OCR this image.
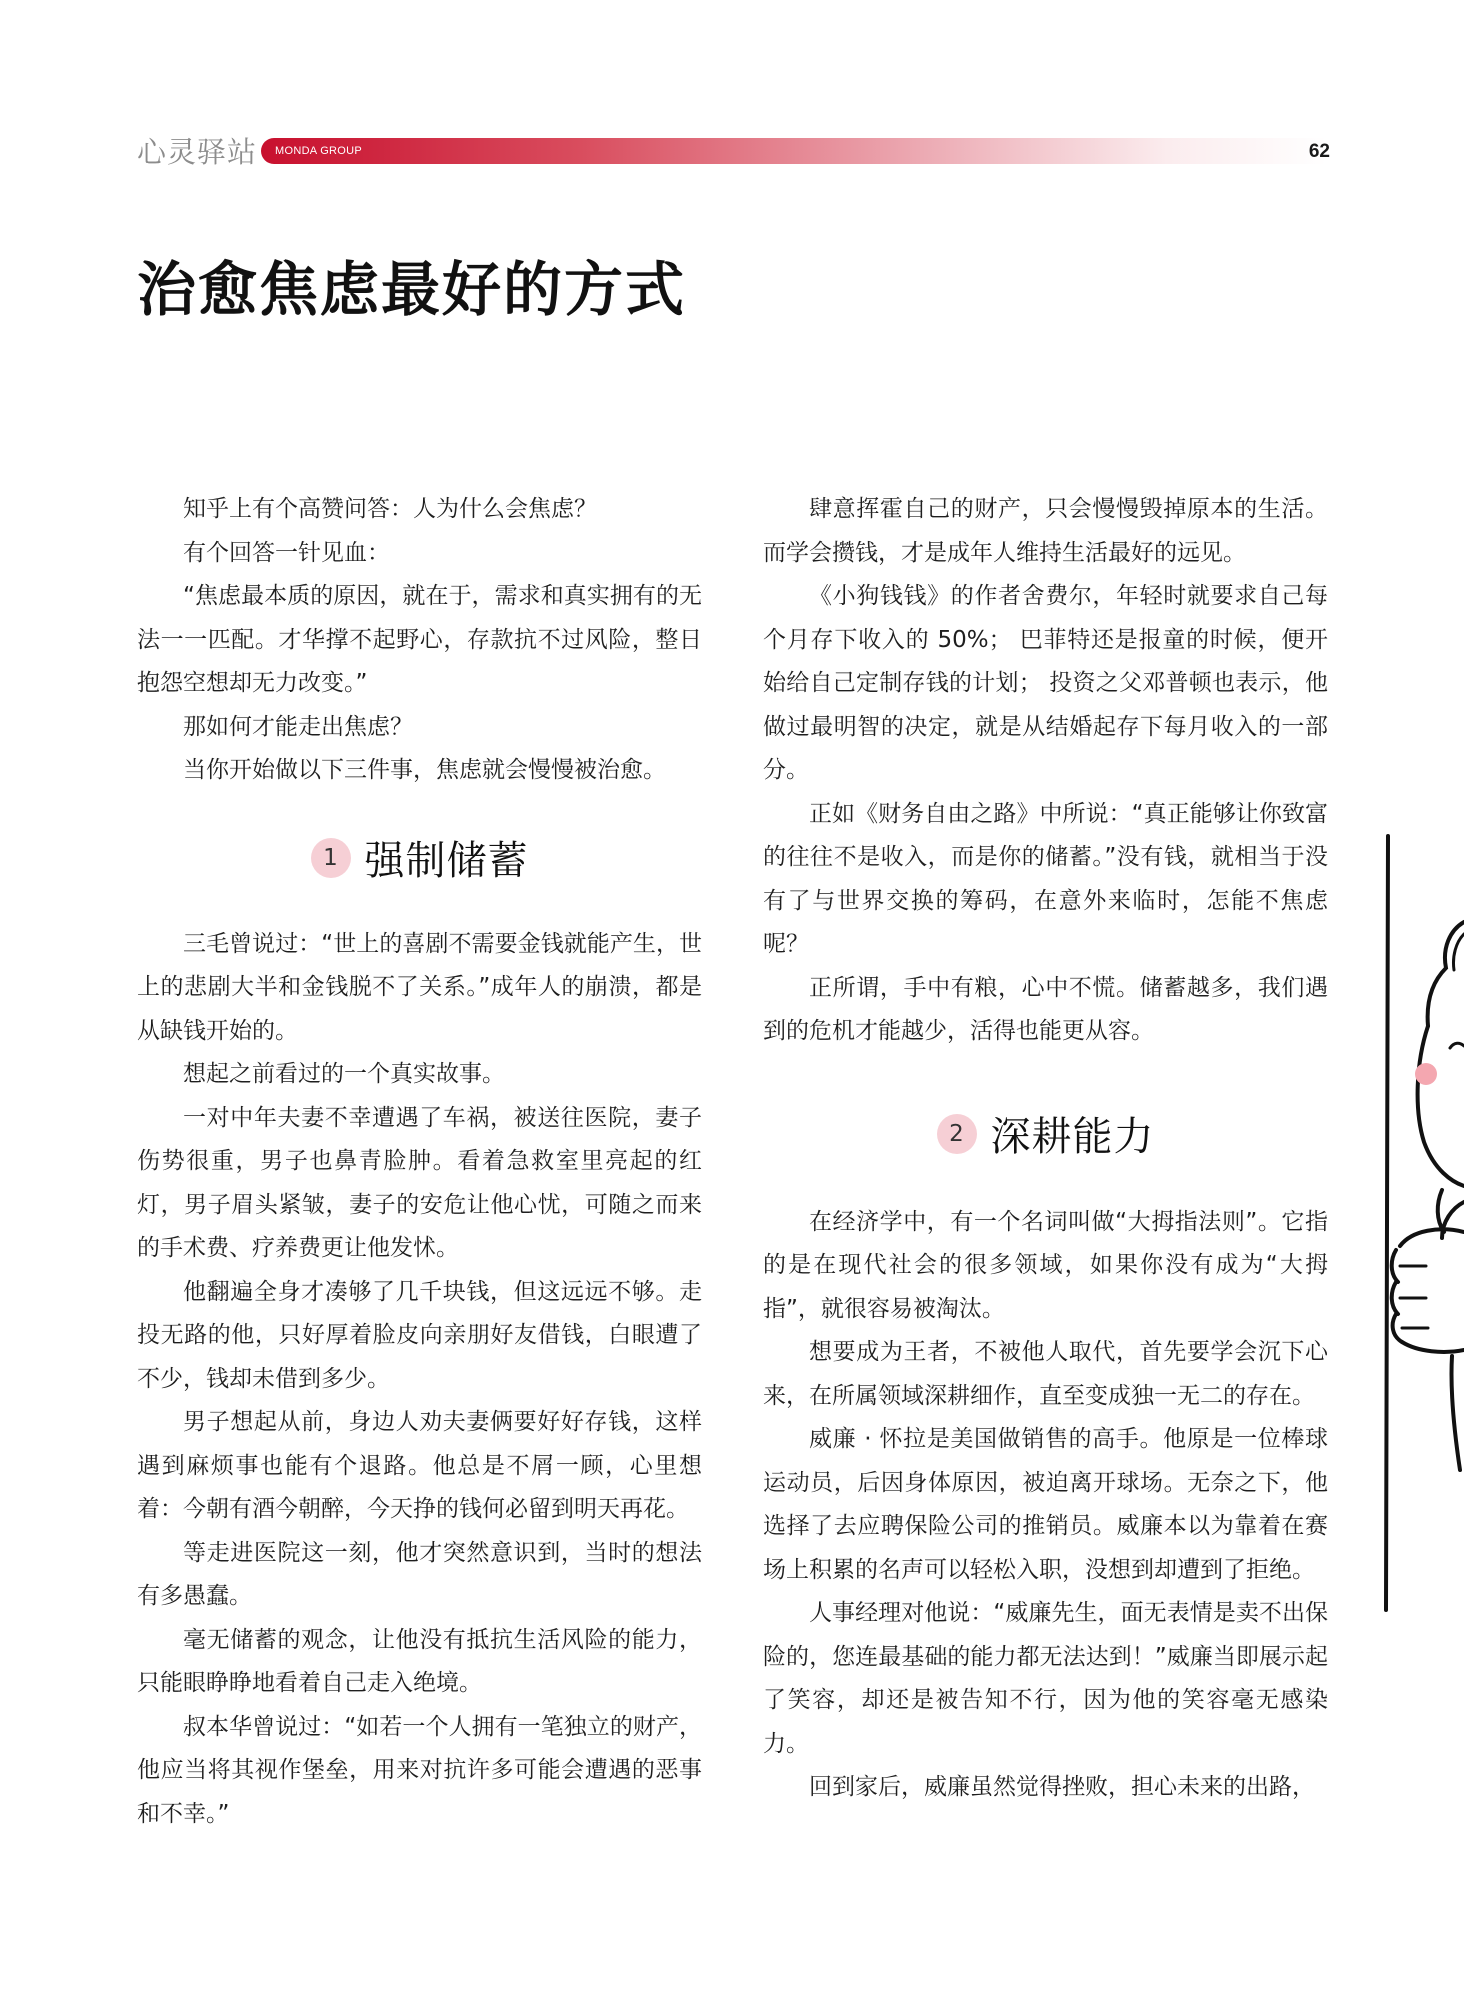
心灵驿站 MONDA GROUP	62
治愈焦虑最好的方式

知乎上有个高赞问答：人为什么会焦虑？

有个回答一针见血：

“焦虑最本质的原因，就在于，需求和真实拥有的无法一一匹配。才华撑不起野心，存款抗不过风险，整日抱怨空想却无力改变。”

那如何才能走出焦虑？

当你开始做以下三件事，焦虑就会慢慢被治愈。

1 强制储蓄

三毛曾说过：“世上的喜剧不需要金钱就能产生，世上的悲剧大半和金钱脱不了关系。”成年人的崩溃，都是从缺钱开始的。

想起之前看过的一个真实故事。

一对中年夫妻不幸遭遇了车祸，被送往医院，妻子伤势很重，男子也鼻青脸肿。看着急救室里亮起的红灯，男子眉头紧皱，妻子的安危让他心忧，可随之而来的手术费、疗养费更让他发怵。

他翻遍全身才凑够了几千块钱，但这远远不够。走投无路的他，只好厚着脸皮向亲朋好友借钱，白眼遭了不少，钱却未借到多少。

男子想起从前，身边人劝夫妻俩要好好存钱，这样遇到麻烦事也能有个退路。他总是不屑一顾，心里想着：今朝有酒今朝醉，今天挣的钱何必留到明天再花。

等走进医院这一刻，他才突然意识到，当时的想法有多愚蠢。

毫无储蓄的观念，让他没有抵抗生活风险的能力，只能眼睁睁地看着自己走入绝境。

叔本华曾说过：“如若一个人拥有一笔独立的财产，他应当将其视作堡垒，用来对抗许多可能会遭遇的恶事和不幸。”

肆意挥霍自己的财产，只会慢慢毁掉原本的生活。而学会攒钱，才是成年人维持生活最好的远见。

《小狗钱钱》的作者舍费尔，年轻时就要求自己每个月存下收入的 50%； 巴菲特还是报童的时候，便开始给自己定制存钱的计划； 投资之父邓普顿也表示，他做过最明智的决定，就是从结婚起存下每月收入的一部分。

正如《财务自由之路》中所说：“真正能够让你致富的往往不是收入，而是你的储蓄。”没有钱，就相当于没有了与世界交换的筹码，在意外来临时，怎能不焦虑呢？

正所谓，手中有粮，心中不慌。储蓄越多，我们遇到的危机才能越少，活得也能更从容。

2 深耕能力

在经济学中，有一个名词叫做“大拇指法则”。它指的是在现代社会的很多领域，如果你没有成为“大拇指”，就很容易被淘汰。

想要成为王者，不被他人取代，首先要学会沉下心来，在所属领域深耕细作，直至变成独一无二的存在。

威廉 · 怀拉是美国做销售的高手。他原是一位棒球运动员，后因身体原因，被迫离开球场。无奈之下，他选择了去应聘保险公司的推销员。威廉本以为靠着在赛场上积累的名声可以轻松入职，没想到却遭到了拒绝。

人事经理对他说：“威廉先生，面无表情是卖不出保险的，您连最基础的能力都无法达到！”威廉当即展示起了笑容，却还是被告知不行，因为他的笑容毫无感染力。

回到家后，威廉虽然觉得挫败，担心未来的出路，
